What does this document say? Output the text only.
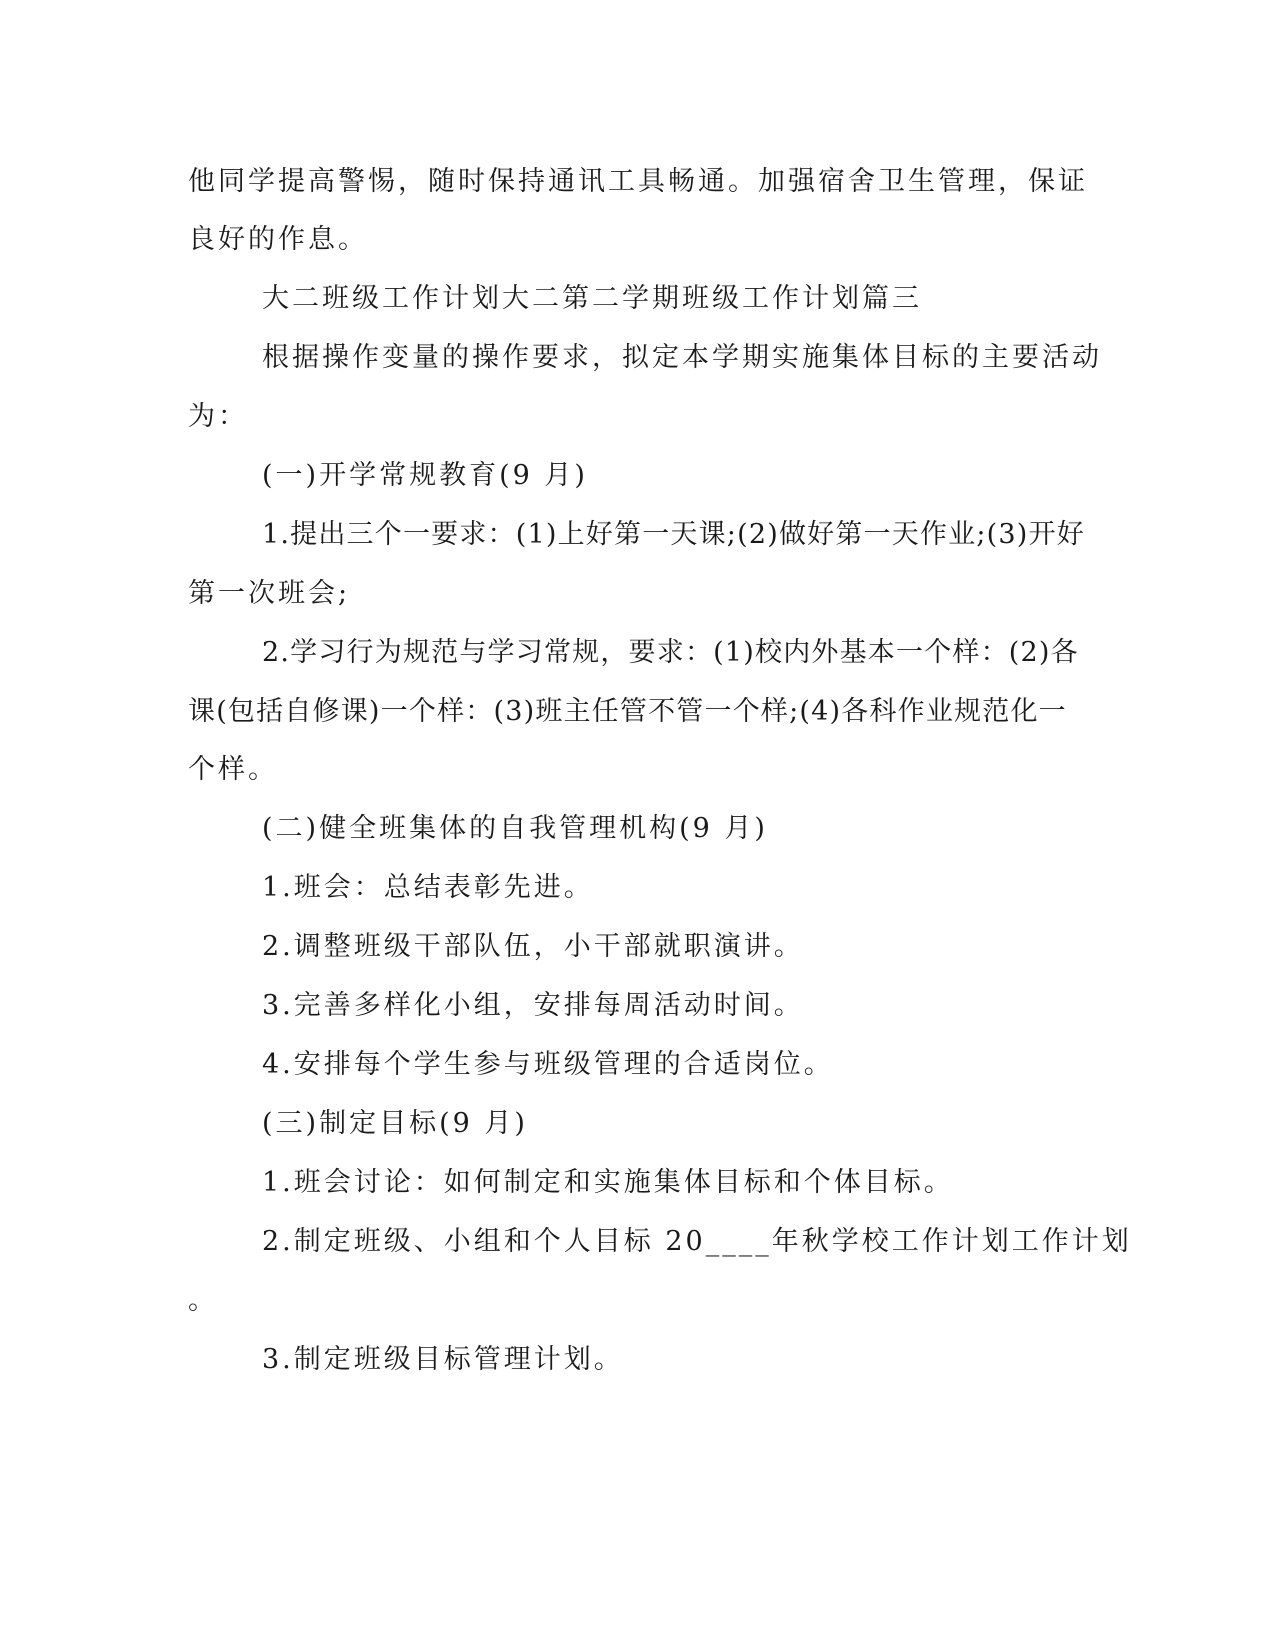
他同学提高警惕，随时保持通讯工具畅通。加强宿舍卫生管理，保证

良好的作息。

大二班级工作计划大二第二学期班级工作计划篇三

根据操作变量的操作要求，拟定本学期实施集体目标的主要活动

为：

(一)开学常规教育(9 月)

1.提出三个一要求：(1)上好第一天课;(2)做好第一天作业;(3)开好

第一次班会;

2.学习行为规范与学习常规，要求：(1)校内外基本一个样：(2)各

课(包括自修课)一个样：(3)班主任管不管一个样;(4)各科作业规范化一

个样。

(二)健全班集体的自我管理机构(9 月)

1.班会：总结表彰先进。

2.调整班级干部队伍，小干部就职演讲。

3.完善多样化小组，安排每周活动时间。

4.安排每个学生参与班级管理的合适岗位。

(三)制定目标(9 月)

1.班会讨论：如何制定和实施集体目标和个体目标。

2.制定班级、小组和个人目标 20____年秋学校工作计划工作计划

。

3.制定班级目标管理计划。
